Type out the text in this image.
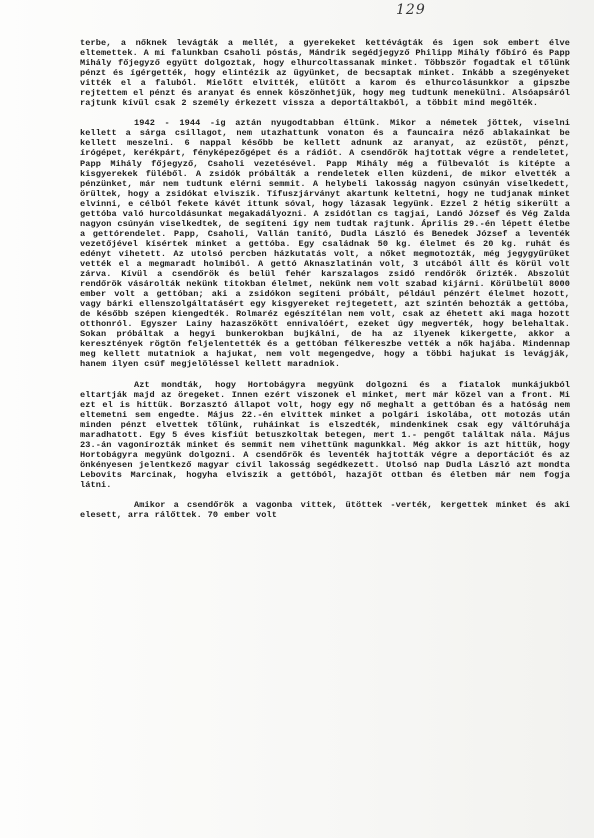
129

terbe, a nőknek levágták a mellét, a gyerekeket kettévágták és igen sok embert élve eltemettek. A mi falunkban Csaholi póstás, Mándrik segédjegyző Philipp Mihály főbíró és Papp Mihály főjegyző együtt dolgoztak, hogy elhurcoltassanak minket. Többször fogadtak el tőlünk pénzt és ígérgették, hogy elintézik az ügyünket, de becsaptak minket. Inkább a szegényeket vitték el a faluból. Mielőtt elvitték, elütött a karom és elhurcolásunkkor a gipszbe rejtettem el pénzt és aranyat és ennek köszönhetjük, hogy meg tudtunk menekülni. Alsóapsáról rajtunk kívül csak 2 személy érkezett vissza a deportáltakból, a többit mind megölték.

1942 - 1944 -ig aztán nyugodtabban éltünk. Mikor a németek jöttek, viselni kellett a sárga csillagot, nem utazhattunk vonaton és a fauncaira néző ablakainkat be kellett meszelni. 6 nappal később be kellett adnunk az aranyat, az ezüstöt, pénzt, írógépet, kerékpárt, fényképezőgépet és a rádiót. A csendőrök hajtottak végre a rendeletet, Papp Mihály főjegyző, Csaholi vezetésével. Papp Mihály még a fülbevalót is kitépte a kisgyerekek füléből. A zsidók próbálták a rendeletek ellen küzdeni, de mikor elvették a pénzünket, már nem tudtunk elérni semmit. A helybeli lakosság nagyon csúnyán viselkedett, örültek, hogy a zsidókat elviszik. Tífuszjárványt akartunk keltetni, hogy ne tudjanak minket elvinni, e célból fekete kávét ittunk sóval, hogy lázasak legyünk. Ezzel 2 hétig sikerült a gettóba való hurcoldásunkat megakadályozni. A zsidótlan cs tagjai, Landó József és Vég Zalda nagyon csúnyán viselkedtek, de segíteni így nem tudtak rajtunk. Április 29.-én lépett életbe a gettórendelet. Papp, Csaholi, Vallán tanító, Dudla László és Benedek József a leventék vezetőjével kísértek minket a gettóba. Egy családnak 50 kg. élelmet és 20 kg. ruhát és edényt vihetett. Az utolsó percben házkutatás volt, a nőket megmotozták, még jegygyűrűket vették el a megmaradt holmiból. A gettó Aknaszlatinán volt, 3 utcából állt és körül volt zárva. Kívül a csendőrök és belül fehér karszalagos zsidó rendőrök őrizték. Abszolút rendőrök vásárolták nekünk titokban élelmet, nekünk nem volt szabad kijárni. Körülbelül 8000 ember volt a gettóban; aki a zsidókon segíteni próbált, például pénzért élelmet hozott, vagy bárki ellenszolgáltatásért egy kisgyereket rejtegetett, azt szintén behozták a gettóba, de később szépen kiengedték. Rolmaréz egészítélan nem volt, csak az éhetett aki maga hozott otthonról. Egyszer Lainy hazaszökött ennivalóért, ezeket úgy megverték, hogy belehaltak. Sokan próbáltak a hegyi bunkerokban bujkálni, de ha az ilyenek kikergette, akkor a keresztények rögtön feljelentették és a gettóban félkereszbe vették a nők hajába. Mindennap meg kellett mutatniok a hajukat, nem volt megengedve, hogy a többi hajukat is levágják, hanem ilyen csúf megjelöléssel kellett maradniok.

Azt mondták, hogy Hortobágyra megyünk dolgozni és a fiatalok munkájukból eltartják majd az öregeket. Innen ezért viszonek el minket, mert már közel van a front. Mi ezt el is hittük. Borzasztó állapot volt, hogy egy nő meghalt a gettóban és a hatóság nem eltemetni sem engedte. Május 22.-én elvittek minket a polgári iskolába, ott motozás után minden pénzt elvettek tőlünk, ruháinkat is elszedték, mindenkinek csak egy váltóruhája maradhatott. Egy 5 éves kisfiút betuszkoltak betegen, mert 1.- pengőt találtak nála. Május 23.-án vagonírozták minket és semmit nem vihettünk magunkkal. Még akkor is azt hittük, hogy Hortobágyra megyünk dolgozni. A csendőrök és leventék hajtották végre a deportációt és az önkényesen jelentkező magyar civil lakosság segédkezett. Utolsó nap Dudla László azt mondta Lebovits Marcinak, hogyha elviszik a gettóból, hazajöt ottban és életben már nem fogja látni.

Amikor a csendőrök a vagonba vittek, ütöttek -verték, kergettek minket és aki elesett, arra rálőttek. 70 ember volt
